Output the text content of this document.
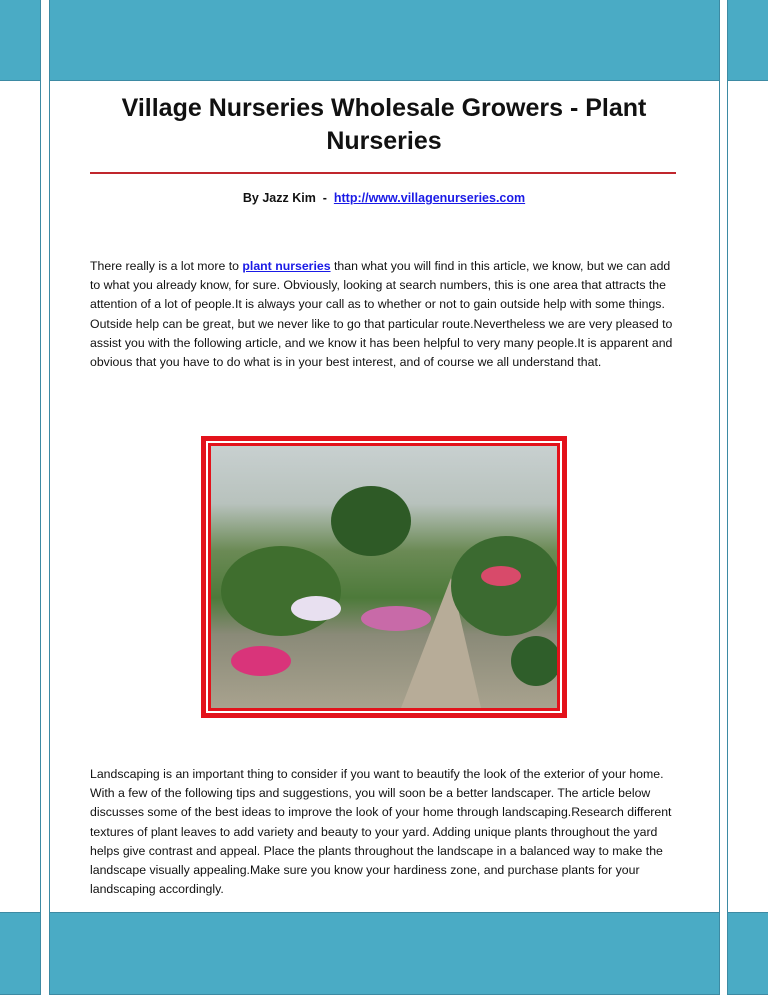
Village Nurseries Wholesale Growers - Plant Nurseries
By Jazz Kim  -  http://www.villagenurseries.com
There really is a lot more to plant nurseries than what you will find in this article, we know, but we can add to what you already know, for sure. Obviously, looking at search numbers, this is one area that attracts the attention of a lot of people.It is always your call as to whether or not to gain outside help with some things. Outside help can be great, but we never like to go that particular route.Nevertheless we are very pleased to assist you with the following article, and we know it has been helpful to very many people.It is apparent and obvious that you have to do what is in your best interest, and of course we all understand that.
Landscaping is an important thing to consider if you want to beautify the look of the exterior of your home. With a few of the following tips and suggestions, you will soon be a better landscaper. The article below discusses some of the best ideas to improve the look of your home through landscaping.Research different textures of plant leaves to add variety and beauty to your yard. Adding unique plants throughout the yard helps give contrast and appeal. Place the plants throughout the landscape in a balanced way to make the landscape visually appealing.Make sure you know your hardiness zone, and purchase plants for your landscaping accordingly.
